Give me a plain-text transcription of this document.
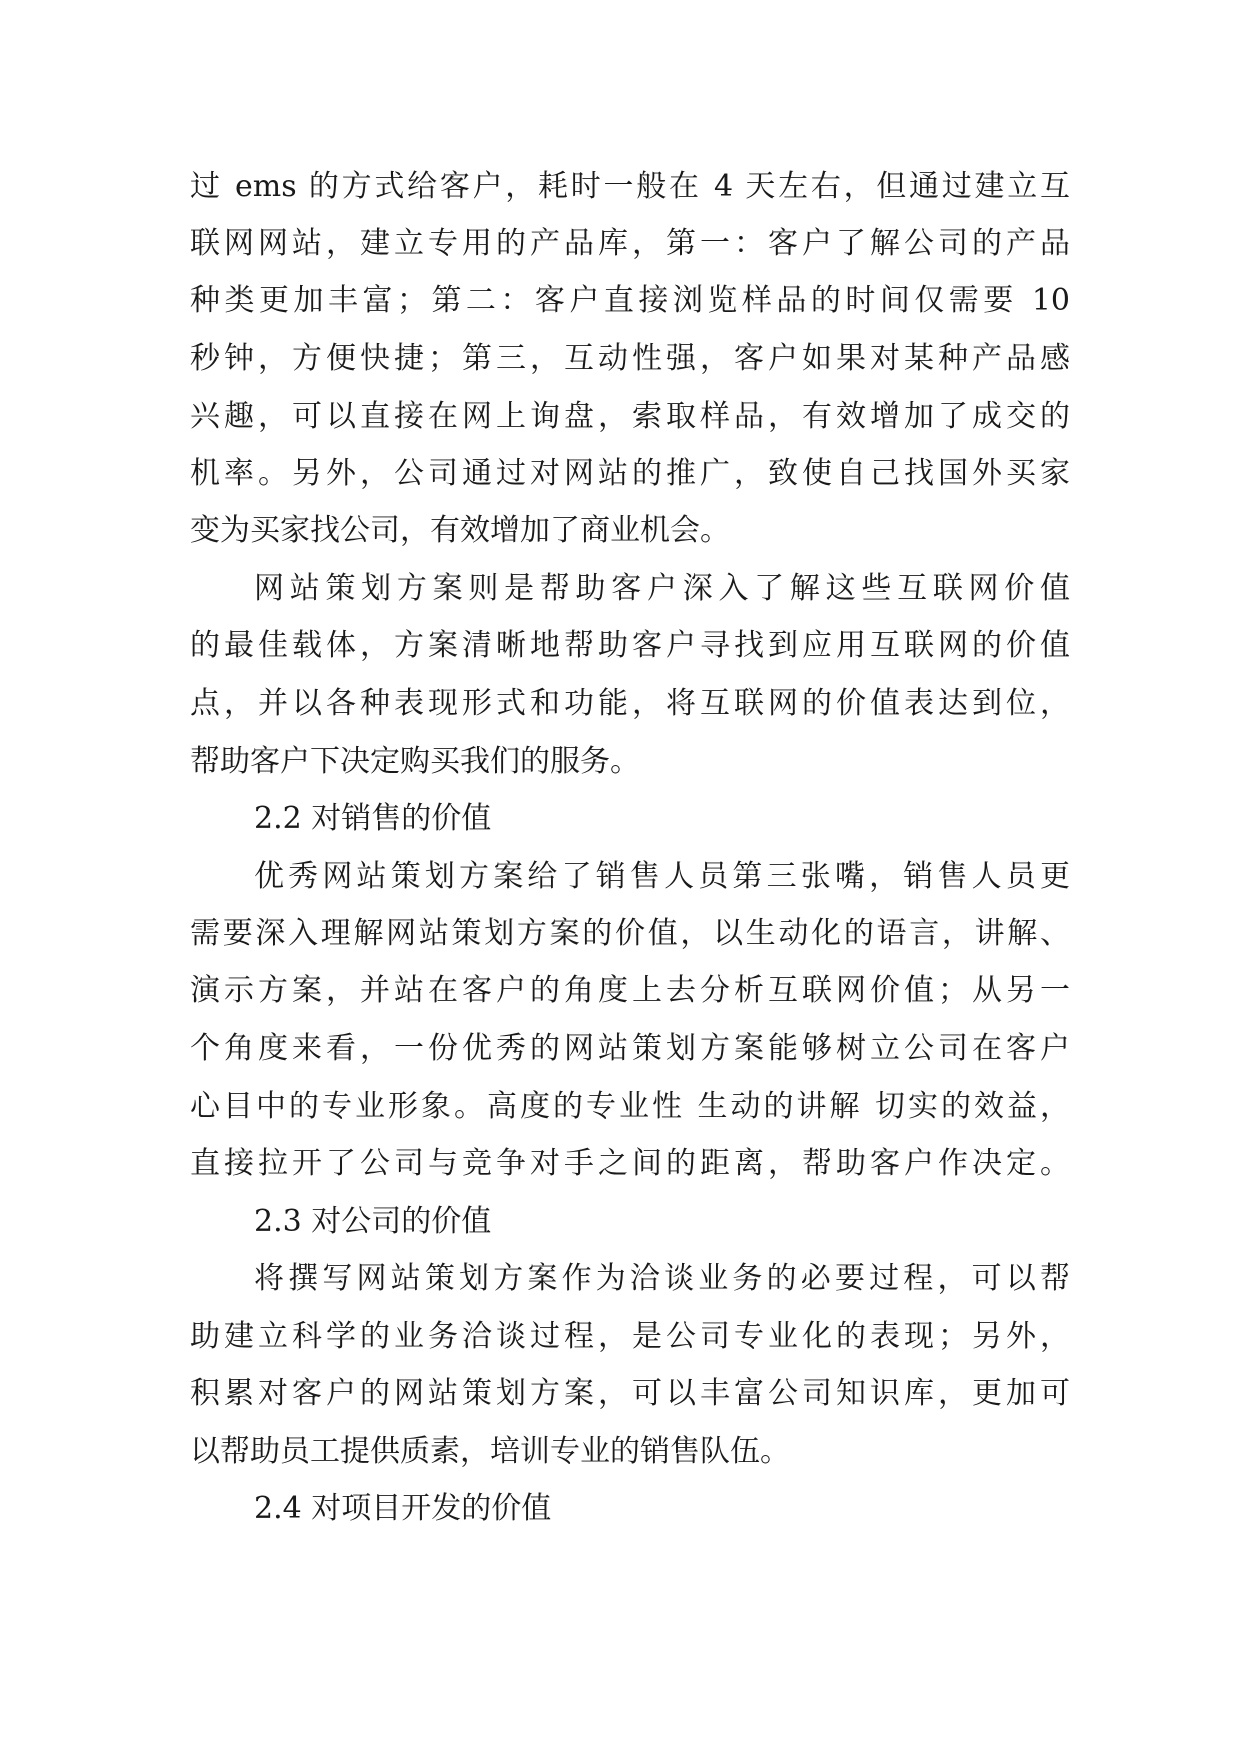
过 ems 的方式给客户，耗时一般在 4 天左右，但通过建立互
联网网站，建立专用的产品库，第一：客户了解公司的产品
种类更加丰富；第二：客户直接浏览样品的时间仅需要 10
秒钟，方便快捷；第三，互动性强，客户如果对某种产品感
兴趣，可以直接在网上询盘，索取样品，有效增加了成交的
机率。另外，公司通过对网站的推广，致使自己找国外买家
变为买家找公司，有效增加了商业机会。
网站策划方案则是帮助客户深入了解这些互联网价值
的最佳载体，方案清晰地帮助客户寻找到应用互联网的价值
点，并以各种表现形式和功能，将互联网的价值表达到位，
帮助客户下决定购买我们的服务。
2.2 对销售的价值
优秀网站策划方案给了销售人员第三张嘴，销售人员更
需要深入理解网站策划方案的价值，以生动化的语言，讲解、
演示方案，并站在客户的角度上去分析互联网价值；从另一
个角度来看，一份优秀的网站策划方案能够树立公司在客户
心目中的专业形象。高度的专业性 生动的讲解 切实的效益，
直接拉开了公司与竞争对手之间的距离，帮助客户作决定。
2.3 对公司的价值
将撰写网站策划方案作为洽谈业务的必要过程，可以帮
助建立科学的业务洽谈过程，是公司专业化的表现；另外，
积累对客户的网站策划方案，可以丰富公司知识库，更加可
以帮助员工提供质素，培训专业的销售队伍。
2.4 对项目开发的价值
